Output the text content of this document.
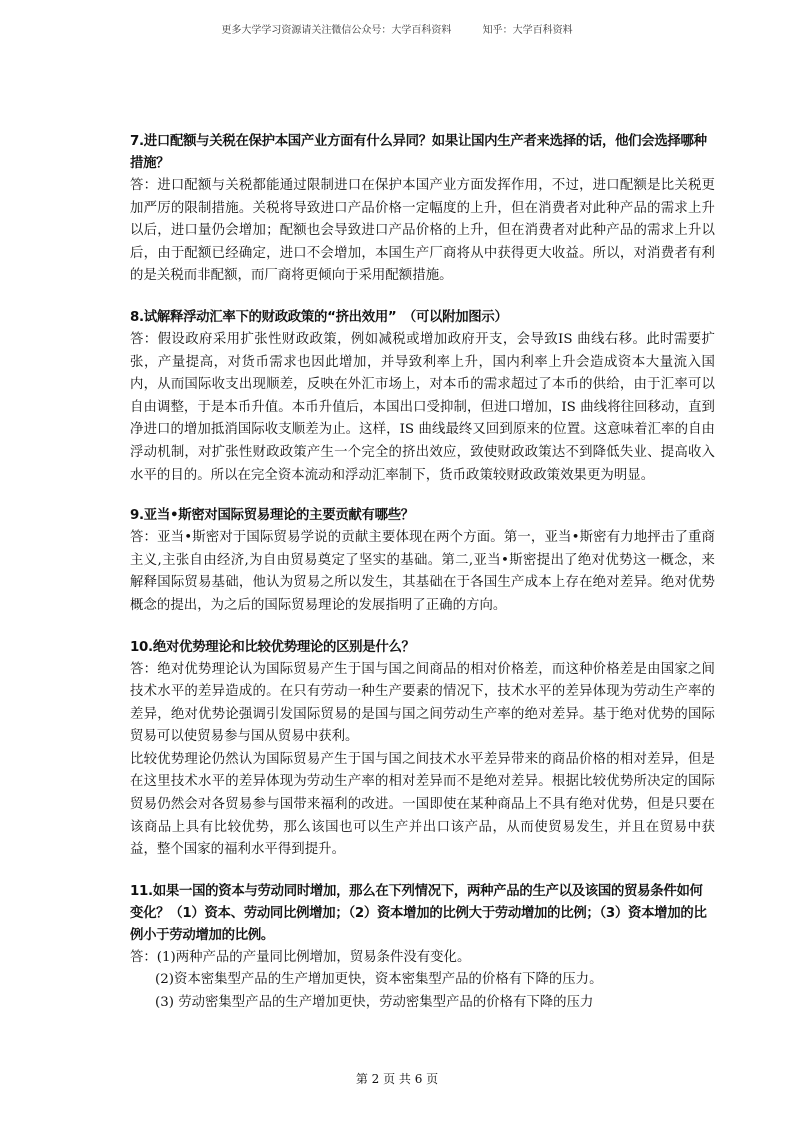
更多大学学习资源请关注微信公众号：大学百科资料	知乎：大学百科资料

7.进口配额与关税在保护本国产业方面有什么异同？如果让国内生产者来选择的话，他们会选择哪种措施？

答：进口配额与关税都能通过限制进口在保护本国产业方面发挥作用，不过，进口配额是比关税更加严厉的限制措施。关税将导致进口产品价格一定幅度的上升，但在消费者对此种产品的需求上升以后，进口量仍会增加；配额也会导致进口产品价格的上升，但在消费者对此种产品的需求上升以后，由于配额已经确定，进口不会增加，本国生产厂商将从中获得更大收益。所以，对消费者有利的是关税而非配额，而厂商将更倾向于采用配额措施。

8.试解释浮动汇率下的财政政策的“挤出效用”　（可以附加图示）

答：假设政府采用扩张性财政政策，例如减税或增加政府开支，会导致IS 曲线右移。此时需要扩张，产量提高，对货币需求也因此增加，并导致利率上升，国内利率上升会造成资本大量流入国内，从而国际收支出现顺差，反映在外汇市场上，对本币的需求超过了本币的供给，由于汇率可以自由调整，于是本币升值。本币升值后，本国出口受抑制，但进口增加，IS 曲线将往回移动，直到净进口的增加抵消国际收支顺差为止。这样，IS 曲线最终又回到原来的位置。这意味着汇率的自由浮动机制，对扩张性财政政策产生一个完全的挤出效应，致使财政政策达不到降低失业、提高收入水平的目的。所以在完全资本流动和浮动汇率制下，货币政策较财政政策效果更为明显。

9.亚当•斯密对国际贸易理论的主要贡献有哪些？

答：亚当•斯密对于国际贸易学说的贡献主要体现在两个方面。第一，亚当•斯密有力地抨击了重商主义,主张自由经济,为自由贸易奠定了坚实的基础。第二,亚当•斯密提出了绝对优势这一概念，来解释国际贸易基础，他认为贸易之所以发生，其基础在于各国生产成本上存在绝对差异。绝对优势概念的提出，为之后的国际贸易理论的发展指明了正确的方向。

10.绝对优势理论和比较优势理论的区别是什么？

答：绝对优势理论认为国际贸易产生于国与国之间商品的相对价格差，而这种价格差是由国家之间技术水平的差异造成的。在只有劳动一种生产要素的情况下，技术水平的差异体现为劳动生产率的差异，绝对优势论强调引发国际贸易的是国与国之间劳动生产率的绝对差异。基于绝对优势的国际贸易可以使贸易参与国从贸易中获利。

比较优势理论仍然认为国际贸易产生于国与国之间技术水平差异带来的商品价格的相对差异，但是在这里技术水平的差异体现为劳动生产率的相对差异而不是绝对差异。根据比较优势所决定的国际贸易仍然会对各贸易参与国带来福利的改进。一国即使在某种商品上不具有绝对优势，但是只要在该商品上具有比较优势，那么该国也可以生产并出口该产品，从而使贸易发生，并且在贸易中获益，整个国家的福利水平得到提升。

11.如果一国的资本与劳动同时增加，那么在下列情况下，两种产品的生产以及该国的贸易条件如何变化？（1）资本、劳动同比例增加；（2）资本增加的比例大于劳动增加的比例；（3）资本增加的比例小于劳动增加的比例。

答：(1)两种产品的产量同比例增加，贸易条件没有变化。
(2)资本密集型产品的生产增加更快，资本密集型产品的价格有下降的压力。
(3) 劳动密集型产品的生产增加更快，劳动密集型产品的价格有下降的压力
第 2 页 共 6 页
